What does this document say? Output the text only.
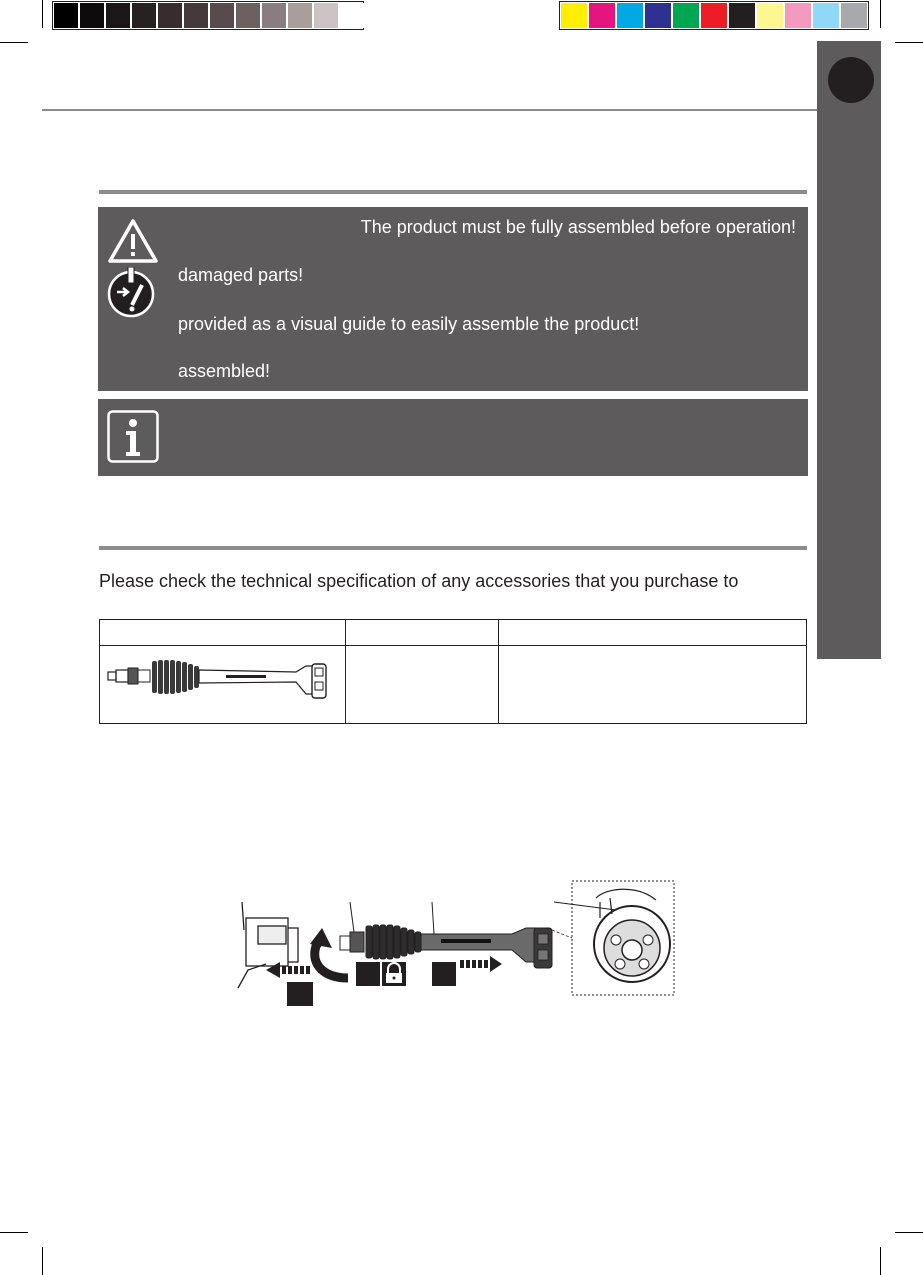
The product must be fully assembled before operation!
damaged parts!
provided as a visual guide to easily assemble the product!
assembled!
Please check the technical specification of any accessories that you purchase to
